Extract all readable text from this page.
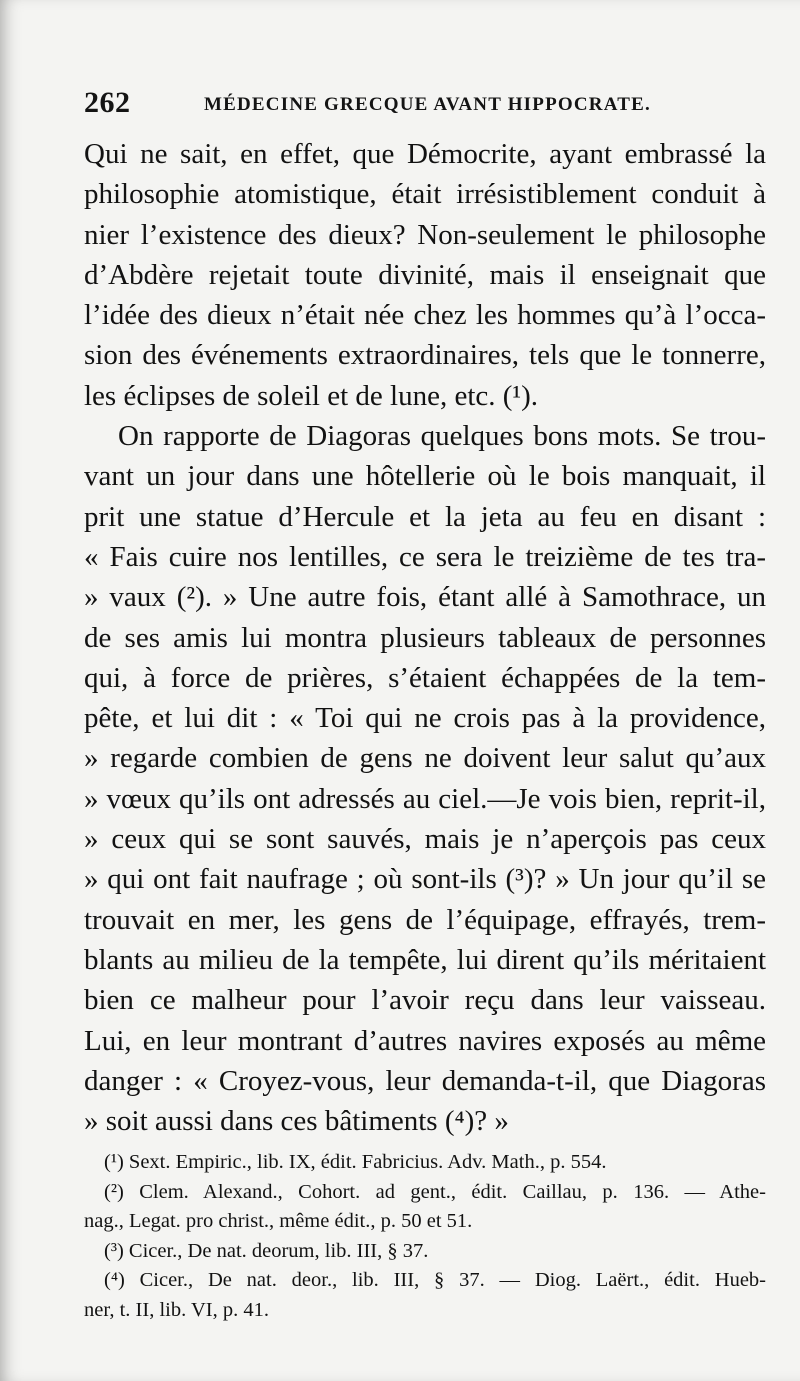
262	MÉDECINE GRECQUE AVANT HIPPOCRATE.
Qui ne sait, en effet, que Démocrite, ayant embrassé la
philosophie atomistique, était irrésistiblement conduit à
nier l’existence des dieux? Non-seulement le philosophe
d’Abdère rejetait toute divinité, mais il enseignait que
l’idée des dieux n’était née chez les hommes qu’à l’occa-
sion des événements extraordinaires, tels que le tonnerre,
les éclipses de soleil et de lune, etc. (¹).
On rapporte de Diagoras quelques bons mots. Se trou-
vant un jour dans une hôtellerie où le bois manquait, il
prit une statue d’Hercule et la jeta au feu en disant :
« Fais cuire nos lentilles, ce sera le treizième de tes tra-
» vaux (²). » Une autre fois, étant allé à Samothrace, un
de ses amis lui montra plusieurs tableaux de personnes
qui, à force de prières, s’étaient échappées de la tem-
pête, et lui dit : « Toi qui ne crois pas à la providence,
» regarde combien de gens ne doivent leur salut qu’aux
» vœux qu’ils ont adressés au ciel.—Je vois bien, reprit-il,
» ceux qui se sont sauvés, mais je n’aperçois pas ceux
» qui ont fait naufrage ; où sont-ils (³)? » Un jour qu’il se
trouvait en mer, les gens de l’équipage, effrayés, trem-
blants au milieu de la tempête, lui dirent qu’ils méritaient
bien ce malheur pour l’avoir reçu dans leur vaisseau.
Lui, en leur montrant d’autres navires exposés au même
danger : « Croyez-vous, leur demanda-t-il, que Diagoras
» soit aussi dans ces bâtiments (⁴)? »
(¹) Sext. Empiric., lib. IX, édit. Fabricius. Adv. Math., p. 554.
(²) Clem. Alexand., Cohort. ad gent., édit. Caillau, p. 136. — Athe-
nag., Legat. pro christ., même édit., p. 50 et 51.
(³) Cicer., De nat. deorum, lib. III, § 37.
(⁴) Cicer., De nat. deor., lib. III, § 37. — Diog. Laërt., édit. Hueb-
ner, t. II, lib. VI, p. 41.
